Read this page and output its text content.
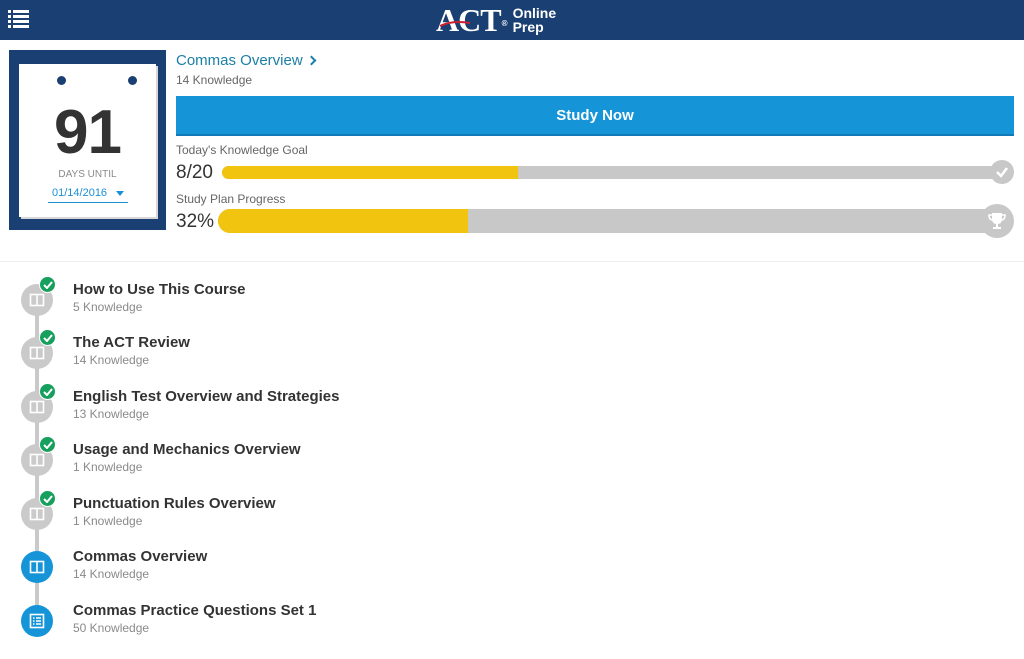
ACT ®
Online
Prep
91
DAYS UNTIL
01/14/2016
Commas Overview
14 Knowledge
Study Now
Today's Knowledge Goal
8/20
Study Plan Progress
32%
How to Use This Course
5 Knowledge
The ACT Review
14 Knowledge
English Test Overview and Strategies
13 Knowledge
Usage and Mechanics Overview
1 Knowledge
Punctuation Rules Overview
1 Knowledge
Commas Overview
14 Knowledge
Commas Practice Questions Set 1
50 Knowledge
